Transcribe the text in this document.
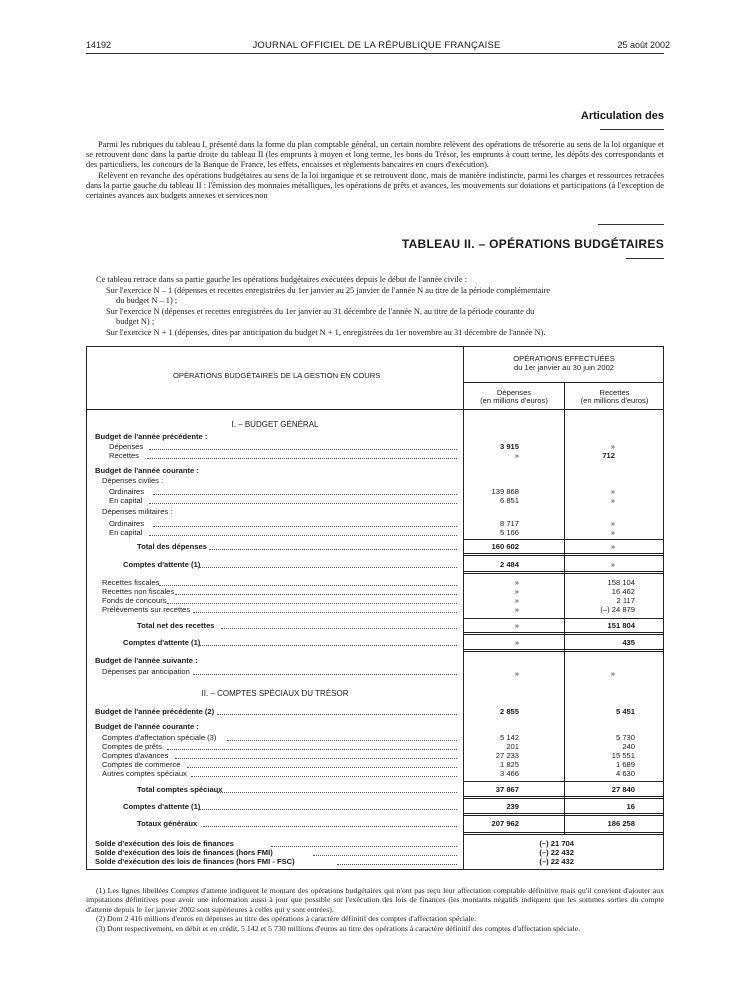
14192	JOURNAL OFFICIEL DE LA RÉPUBLIQUE FRANÇAISE	25 août 2002
Articulation des

Parmi les rubriques du tableau I, présenté dans la forme du plan comptable général, un certain nombre relèvent des opérations de trésorerie au sens de la loi organique et se retrouvent donc dans la partie droite du tableau II (les emprunts à moyen et long terme, les bons du Trésor, les emprunts à court terme, les dépôts des correspondants et des particuliers, les concours de la Banque de France, les effets, encaisses et règlements bancaires en cours d'exécution).

Relèvent en revanche des opérations budgétaires au sens de la loi organique et se retrouvent donc, mais de manière indistincte, parmi les charges et ressources retracées dans la partie gauche du tableau II : l'émission des monnaies métalliques, les opérations de prêts et avances, les mouvements sur dotations et participations (à l'exception de certaines avances aux budgets annexes et services non

TABLEAU II. – OPÉRATIONS BUDGÉTAIRES
Ce tableau retrace dans sa partie gauche les opérations budgétaires exécutées depuis le début de l'année civile :
Sur l'exercice N – 1 (dépenses et recettes enregistrées du 1er janvier au 25 janvier de l'année N au titre de la période complémentaire
du budget N – 1) ;
Sur l'exercice N (dépenses et recettes enregistrées du 1er janvier au 31 décembre de l'année N, au titre de la période courante du
budget N) ;
Sur l'exercice N + 1 (dépenses, dites par anticipation du budget N + 1, enregistrées du 1er novembre au 31 décembre de l'année N).
OPÉRATIONS BUDGÉTAIRES DE LA GESTION EN COURS
OPÉRATIONS EFFECTUÉES
du 1er janvier au 30 juin 2002
Dépenses
(en millions d'euros)
Recettes
(en millions d'euros)
I. – BUDGET GÉNÉRAL
Budget de l'année précédente :
Dépenses	3 915	»
Recettes	»	712
Budget de l'année courante :
Dépenses civiles :
Ordinaires	139 868	»
En capital	6 851	»
Dépenses militaires :
Ordinaires	8 717	»
En capital	5 166	»
Total des dépenses	160 602	»
Comptes d'attente (1)	2 484	»
Recettes fiscales	»	158 104
Recettes non fiscales	»	16 462
Fonds de concours	»	2 117
Prélèvements sur recettes	»	(–) 24 879
Total net des recettes	»	151 804
Comptes d'attente (1)	»	435
Budget de l'année suivante :
Dépenses par anticipation	»	»
II. – COMPTES SPÉCIAUX DU TRÉSOR
Budget de l'année précédente (2)	2 855	5 451
Budget de l'année courante :
Comptes d'affectation spéciale (3)	5 142	5 730
Comptes de prêts	201	240
Comptes d'avances	27 233	15 551
Comptes de commerce	1 825	1 689
Autres comptes spéciaux	3 466	4 630
Total comptes spéciaux	37 867	27 840
Comptes d'attente (1)	239	16
Totaux généraux	207 962	186 258
Solde d'exécution des lois de finances	(–) 21 704
Solde d'exécution des lois de finances (hors FMI)	(–) 22 432
Solde d'exécution des lois de finances (hors FMI - FSC)	(–) 22 432

(1) Les lignes libellées Comptes d'attente indiquent le montant des opérations budgétaires qui n'ont pas reçu leur affectation comptable définitive mais qu'il convient d'ajouter aux imputations définitives pour avoir une information aussi à jour que possible sur l'exécution des lois de finances (les montants négatifs indiquent que les sommes sorties du compte d'attente depuis le 1er janvier 2002 sont supérieures à celles qui y sont entrées).

(2) Dont 2 416 millions d'euros en dépenses au titre des opérations à caractère définitif des comptes d'affectation spéciale.

(3) Dont respectivement, en débit et en crédit, 5 142 et 5 730 millions d'euros au titre des opérations à caractère définitif des comptes d'affectation spéciale.
